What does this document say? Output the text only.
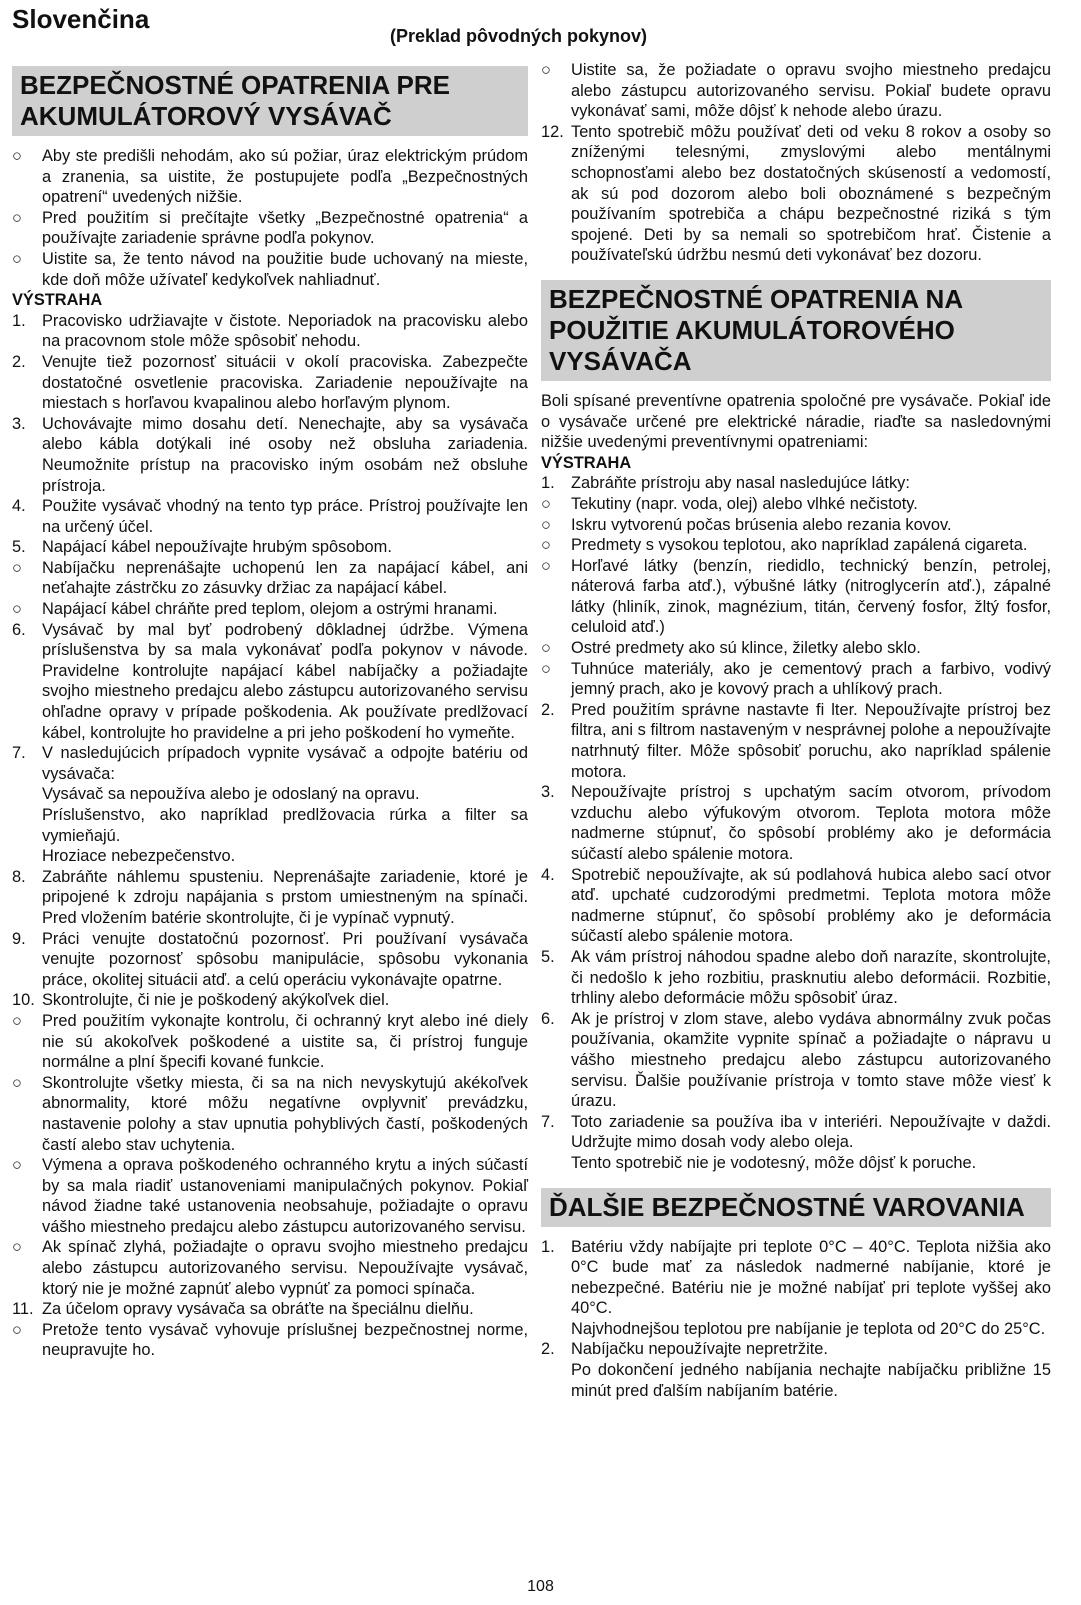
Slovenčina
(Preklad pôvodných pokynov)
BEZPEČNOSTNÉ OPATRENIA PRE AKUMULÁTOROVÝ VYSÁVAČ
○ Aby ste predišli nehodám, ako sú požiar, úraz elektrickým prúdom a zranenia, sa uistite, že postupujete podľa „Bezpečnostných opatrení“ uvedených nižšie.
○ Pred použitím si prečítajte všetky „Bezpečnostné opatrenia“ a používajte zariadenie správne podľa pokynov.
○ Uistite sa, že tento návod na použitie bude uchovaný na mieste, kde doň môže užívateľ kedykoľvek nahliadnuť.
VÝSTRAHA
1. Pracovisko udržiavajte v čistote. Neporiadok na pracovisku alebo na pracovnom stole môže spôsobiť nehodu.
2. Venujte tiež pozornosť situácii v okolí pracoviska. Zabezpečte dostatočné osvetlenie pracoviska. Zariadenie nepoužívajte na miestach s horľavou kvapalinou alebo horľavým plynom.
3. Uchovávajte mimo dosahu detí. Nenechajte, aby sa vysávača alebo kábla dotýkali iné osoby než obsluha zariadenia. Neumožnite prístup na pracovisko iným osobám než obsluhe prístroja.
4. Použite vysávač vhodný na tento typ práce. Prístroj používajte len na určený účel.
5. Napájací kábel nepoužívajte hrubým spôsobom.
○ Nabíjačku neprenášajte uchopenú len za napájací kábel, ani neťahajte zástrčku zo zásuvky držiac za napájací kábel.
○ Napájací kábel chráňte pred teplom, olejom a ostrými hranami.
6. Vysávač by mal byť podrobený dôkladnej údržbe. Výmena príslušenstva by sa mala vykonávať podľa pokynov v návode. Pravidelne kontrolujte napájací kábel nabíjačky a požiadajte svojho miestneho predajcu alebo zástupcu autorizovaného servisu ohľadne opravy v prípade poškodenia. Ak používate predlžovací kábel, kontrolujte ho pravidelne a pri jeho poškodení ho vymeňte.
7. V nasledujúcich prípadoch vypnite vysávač a odpojte batériu od vysávača:
Vysávač sa nepoužíva alebo je odoslaný na opravu.
Príslušenstvo, ako napríklad predlžovacia rúrka a filter sa vymieňajú.
Hroziace nebezpečenstvo.
8. Zabráňte náhlemu spusteniu. Neprenášajte zariadenie, ktoré je pripojené k zdroju napájania s prstom umiestneným na spínači. Pred vložením batérie skontrolujte, či je vypínač vypnutý.
9. Práci venujte dostatočnú pozornosť. Pri používaní vysávača venujte pozornosť spôsobu manipulácie, spôsobu vykonania práce, okolitej situácii atď. a celú operáciu vykonávajte opatrne.
10. Skontrolujte, či nie je poškodený akýkoľvek diel.
○ Pred použitím vykonajte kontrolu, či ochranný kryt alebo iné diely nie sú akokoľvek poškodené a uistite sa, či prístroj funguje normálne a plní špecifi kované funkcie.
○ Skontrolujte všetky miesta, či sa na nich nevyskytujú akékoľvek abnormality, ktoré môžu negatívne ovplyvniť prevádzku, nastavenie polohy a stav upnutia pohyblivých častí, poškodených častí alebo stav uchytenia.
○ Výmena a oprava poškodeného ochranného krytu a iných súčastí by sa mala riadiť ustanoveniami manipulačných pokynov. Pokiaľ návod žiadne také ustanovenia neobsahuje, požiadajte o opravu vášho miestneho predajcu alebo zástupcu autorizovaného servisu.
○ Ak spínač zlyhá, požiadajte o opravu svojho miestneho predajcu alebo zástupcu autorizovaného servisu. Nepoužívajte vysávač, ktorý nie je možné zapnúť alebo vypnúť za pomoci spínača.
11. Za účelom opravy vysávača sa obráťte na špeciálnu dielňu.
○ Pretože tento vysávač vyhovuje príslušnej bezpečnostnej norme, neupravujte ho.
○ Uistite sa, že požiadate o opravu svojho miestneho predajcu alebo zástupcu autorizovaného servisu. Pokiaľ budete opravu vykonávať sami, môže dôjsť k nehode alebo úrazu.
12. Tento spotrebič môžu používať deti od veku 8 rokov a osoby so zníženými telesnými, zmyslovými alebo mentálnymi schopnosťami alebo bez dostatočných skúseností a vedomostí, ak sú pod dozorom alebo boli oboznámené s bezpečným používaním spotrebiča a chápu bezpečnostné riziká s tým spojené. Deti by sa nemali so spotrebičom hrať. Čistenie a používateľskú údržbu nesmú deti vykonávať bez dozoru.
BEZPEČNOSTNÉ OPATRENIA NA POUŽITIE AKUMULÁTOROVÉHO VYSÁVAČA
Boli spísané preventívne opatrenia spoločné pre vysávače. Pokiaľ ide o vysávače určené pre elektrické náradie, riaďte sa nasledovnými nižšie uvedenými preventívnymi opatreniami:
VÝSTRAHA
1. Zabráňte prístroju aby nasal nasledujúce látky:
○ Tekutiny (napr. voda, olej) alebo vlhké nečistoty.
○ Iskru vytvorenú počas brúsenia alebo rezania kovov.
○ Predmety s vysokou teplotou, ako napríklad zapálená cigareta.
○ Horľavé látky (benzín, riedidlo, technický benzín, petrolej, náterová farba atď.), výbušné látky (nitroglycerín atď.), zápalné látky (hliník, zinok, magnézium, titán, červený fosfor, žltý fosfor, celuloid atď.)
○ Ostré predmety ako sú klince, žiletky alebo sklo.
○ Tuhnúce materiály, ako je cementový prach a farbivo, vodivý jemný prach, ako je kovový prach a uhlíkový prach.
2. Pred použitím správne nastavte fi lter. Nepoužívajte prístroj bez filtra, ani s filtrom nastaveným v nesprávnej polohe a nepoužívajte natrhnutý filter. Môže spôsobiť poruchu, ako napríklad spálenie motora.
3. Nepoužívajte prístroj s upchatým sacím otvorom, prívodom vzduchu alebo výfukovým otvorom. Teplota motora môže nadmerne stúpnuť, čo spôsobí problémy ako je deformácia súčastí alebo spálenie motora.
4. Spotrebič nepoužívajte, ak sú podlahová hubica alebo sací otvor atď. upchaté cudzorodými predmetmi. Teplota motora môže nadmerne stúpnuť, čo spôsobí problémy ako je deformácia súčastí alebo spálenie motora.
5. Ak vám prístroj náhodou spadne alebo doň narazíte, skontrolujte, či nedošlo k jeho rozbitiu, prasknutiu alebo deformácii. Rozbitie, trhliny alebo deformácie môžu spôsobiť úraz.
6. Ak je prístroj v zlom stave, alebo vydáva abnormálny zvuk počas používania, okamžite vypnite spínač a požiadajte o nápravu u vášho miestneho predajcu alebo zástupcu autorizovaného servisu. Ďalšie používanie prístroja v tomto stave môže viesť k úrazu.
7. Toto zariadenie sa používa iba v interiéri. Nepoužívajte v daždi. Udržujte mimo dosah vody alebo oleja.
Tento spotrebič nie je vodotesný, môže dôjsť k poruche.
ĎALŠIE BEZPEČNOSTNÉ VAROVANIA
1. Batériu vždy nabíjajte pri teplote 0°C – 40°C. Teplota nižšia ako 0°C bude mať za následok nadmerné nabíjanie, ktoré je nebezpečné. Batériu nie je možné nabíjať pri teplote vyššej ako 40°C.
Najvhodnejšou teplotou pre nabíjanie je teplota od 20°C do 25°C.
2. Nabíjačku nepoužívajte nepretržite.
Po dokončení jedného nabíjania nechajte nabíjačku približne 15 minút pred ďalším nabíjaním batérie.
108
